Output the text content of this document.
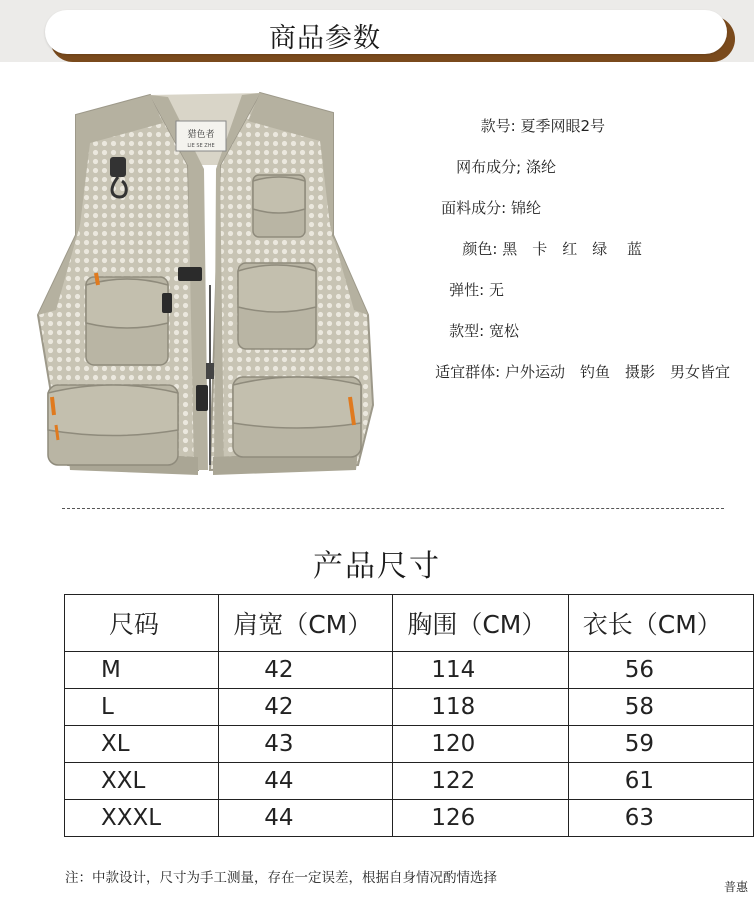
商品参数
猎色者
LIE SE ZHE
款号: 夏季网眼2号
网布成分; 涤纶
面料成分: 锦纶
颜色: 黑　卡　红　绿　 蓝
弹性: 无
款型: 宽松
适宜群体: 户外运动　钓鱼　摄影　男女皆宜
产品尺寸
尺码	肩宽（CM）	胸围（CM）	衣长（CM）
M	42	114	56
L	42	118	58
XL	43	120	59
XXL	44	122	61
XXXL	44	126	63
注：中款设计，尺寸为手工测量，存在一定误差，根据自身情况酌情选择
普惠
